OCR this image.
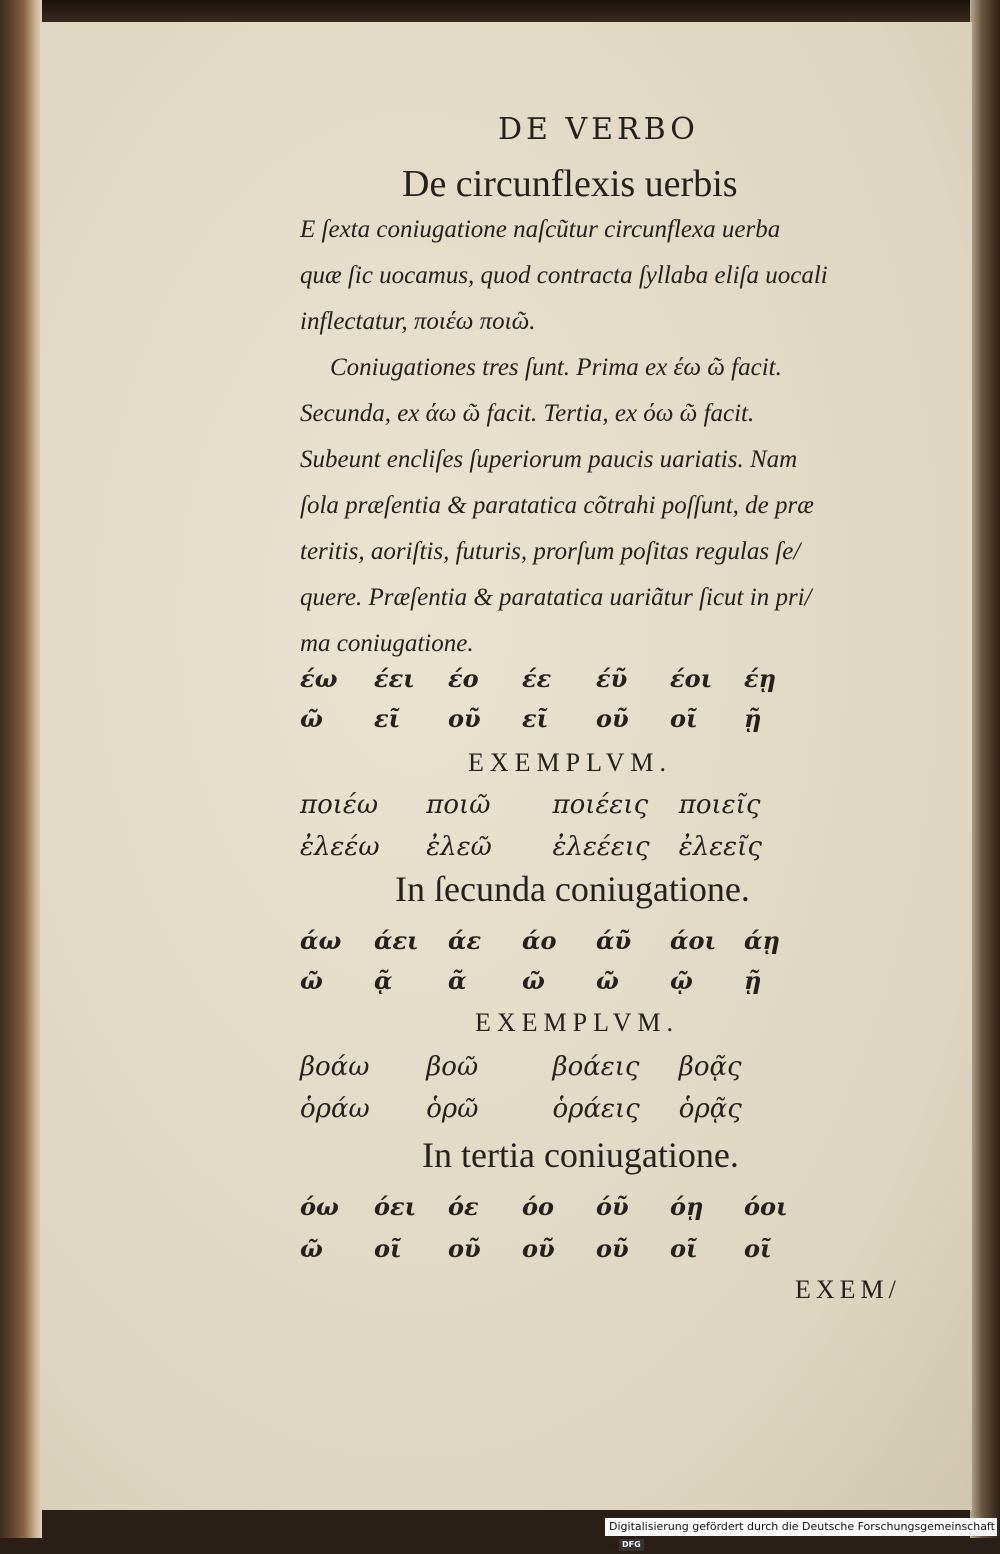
DE VERBO
De circunflexis uerbis
E ſexta coniugatione naſcũtur circunflexa uerba
quæ ſic uocamus, quod contracta ſyllaba eliſa uocali
inflectatur, ποιέω ποιῶ.
Coniugationes tres ſunt. Prima ex έω ῶ facit.
Secunda, ex άω ῶ facit. Tertia, ex όω ῶ facit.
Subeunt encliſes ſuperiorum paucis uariatis. Nam
ſola præſentia & paratatica cõtrahi poſſunt, de præ
teritis, aoriſtis, futuris, prorſum poſitas regulas ſe/
quere. Præſentia & paratatica uariãtur ſicut in pri/
ma coniugatione.
έω	έει	έο	έε	έῦ	έοι	έῃ
ῶ	εῖ	οῦ	εῖ	οῦ	οῖ	ῇ
EXEMPLVM.
ποιέω ποιῶ ποιέεις ποιεῖς
ἐλεέω ἐλεῶ ἐλεέεις ἐλεεῖς
In ſecunda coniugatione.
άω	άει	άε	άο	άῦ	άοι	άῃ
ῶ	ᾷ	ᾶ	ῶ	ῶ	ῷ	ῇ
EXEMPLVM.
βοάω βοῶ	βοάεις βοᾷς
ὁράω ὁρῶ	ὁράεις ὁρᾷς
In tertia coniugatione.
όω	όει	όε	όο	όῦ	όῃ	όοι
ῶ	οῖ	οῦ	οῦ	οῦ	οῖ	οῖ
EXEM/
Digitalisierung gefördert durch die Deutsche Forschungsgemeinschaft · DFG
